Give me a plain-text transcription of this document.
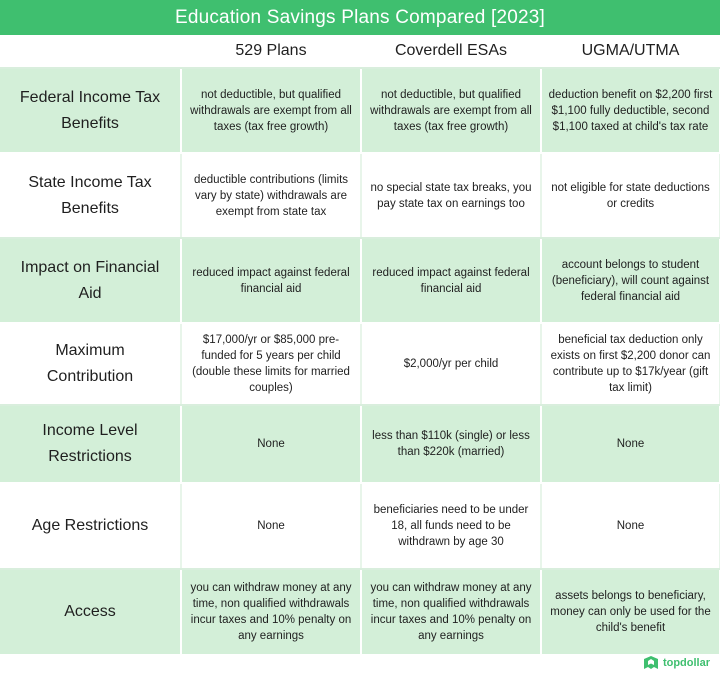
Education Savings Plans Compared [2023]
	529 Plans	Coverdell ESAs	UGMA/UTMA
Federal Income Tax Benefits	not deductible, but qualified withdrawals are exempt from all taxes (tax free growth)	not deductible, but qualified withdrawals are exempt from all taxes (tax free growth)	deduction benefit on $2,200 first $1,100 fully deductible, second $1,100 taxed at child's tax rate
State Income Tax Benefits	deductible contributions (limits vary by state) withdrawals are exempt from state tax	no special state tax breaks, you pay state tax on earnings too	not eligible for state deductions or credits
Impact on Financial Aid	reduced impact against federal financial aid	reduced impact against federal financial aid	account belongs to student (beneficiary), will count against federal financial aid
Maximum Contribution	$17,000/yr or $85,000 pre-funded for 5 years per child (double these limits for married couples)	$2,000/yr per child	beneficial tax deduction only exists on first $2,200 donor can contribute up to $17k/year (gift tax limit)
Income Level Restrictions	None	less than $110k (single) or less than $220k (married)	None
Age Restrictions	None	beneficiaries need to be under 18, all funds need to be withdrawn by age 30	None
Access	you can withdraw money at any time, non qualified withdrawals incur taxes and 10% penalty on any earnings	you can withdraw money at any time, non qualified withdrawals incur taxes and 10% penalty on any earnings	assets belongs to beneficiary, money can only be used for the child's benefit
topdollar
